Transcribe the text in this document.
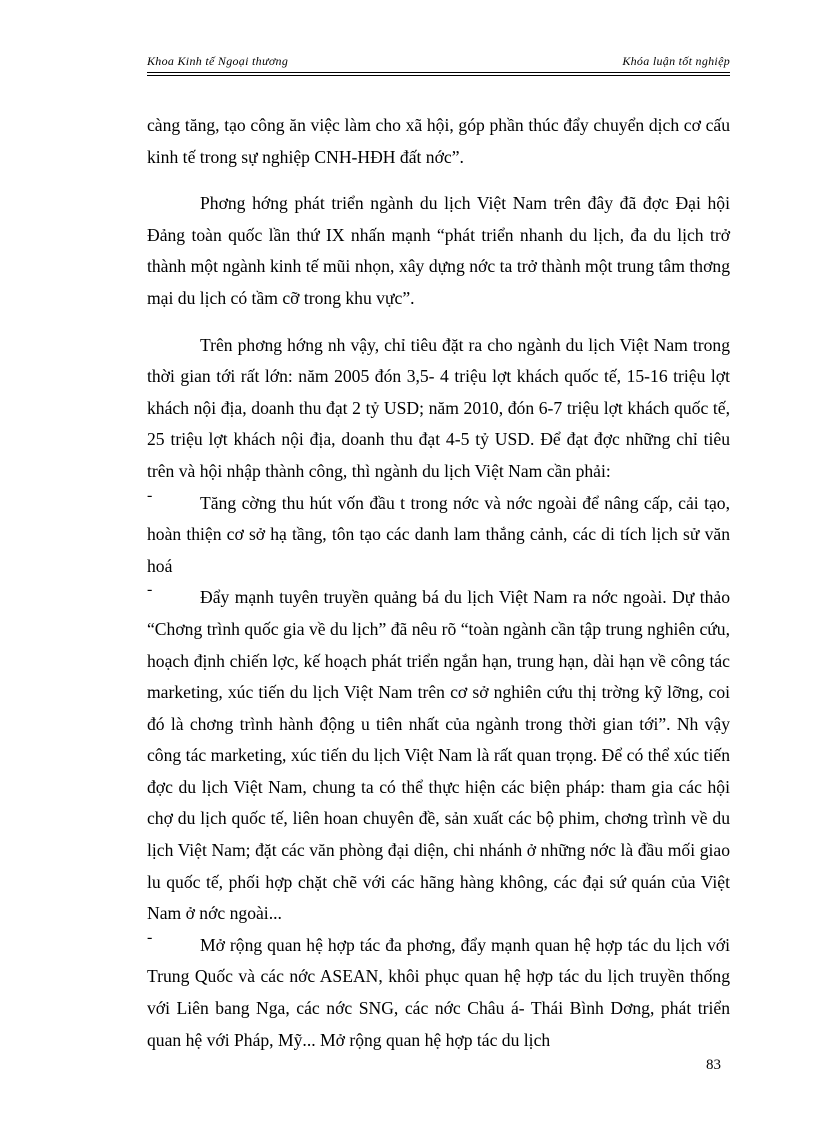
Khoa Kinh tế Ngoại thương	Khóa luận tốt nghiệp

càng tăng, tạo công ăn việc làm cho xã hội, góp phần thúc đẩy chuyển dịch cơ cấu kinh tế trong sự nghiệp CNH-HĐH đất nớc”.

Phơng hớng phát triển ngành du lịch Việt Nam trên đây đã đợc Đại hội Đảng toàn quốc lần thứ IX nhấn mạnh “phát triển nhanh du lịch, đa du lịch trở thành một ngành kinh tế mũi nhọn, xây dựng nớc ta trở thành một trung tâm thơng mại du lịch có tầm cỡ trong khu vực”.

Trên phơng hớng nh vậy, chỉ tiêu đặt ra cho ngành du lịch Việt Nam trong thời gian tới rất lớn: năm 2005 đón 3,5- 4 triệu lợt khách quốc tế, 15-16 triệu lợt khách nội địa, doanh thu đạt 2 tỷ USD; năm 2010, đón 6-7 triệu lợt khách quốc tế, 25 triệu lợt khách nội địa, doanh thu đạt 4-5 tỷ USD. Để đạt đợc những chỉ tiêu trên và hội nhập thành công, thì ngành du lịch Việt Nam cần phải:

-	Tăng cờng thu hút vốn đầu t trong nớc và nớc ngoài để nâng cấp, cải tạo, hoàn thiện cơ sở hạ tầng, tôn tạo các danh lam thắng cảnh, các di tích lịch sử văn hoá
-	Đẩy mạnh tuyên truyền quảng bá du lịch Việt Nam ra nớc ngoài. Dự thảo “Chơng trình quốc gia về du lịch” đã nêu rõ “toàn ngành cần tập trung nghiên cứu, hoạch định chiến lợc, kế hoạch phát triển ngắn hạn, trung hạn, dài hạn về công tác marketing, xúc tiến du lịch Việt Nam trên cơ sở nghiên cứu thị trờng kỹ lỡng, coi đó là chơng trình hành động u tiên nhất của ngành trong thời gian tới”. Nh vậy công tác marketing, xúc tiến du lịch Việt Nam là rất quan trọng. Để có thể xúc tiến đợc du lịch Việt Nam, chung ta có thể thực hiện các biện pháp: tham gia các hội chợ du lịch quốc tế, liên hoan chuyên đề, sản xuất các bộ phim, chơng trình về du lịch Việt Nam; đặt các văn phòng đại diện, chi nhánh ở những nớc là đầu mối giao lu quốc tế, phối hợp chặt chẽ với các hãng hàng không, các đại sứ quán của Việt Nam ở nớc ngoài...
-	Mở rộng quan hệ hợp tác đa phơng, đẩy mạnh quan hệ hợp tác du lịch với Trung Quốc và các nớc ASEAN, khôi phục quan hệ hợp tác du lịch truyền thống với Liên bang Nga, các nớc SNG, các nớc Châu á- Thái Bình Dơng, phát triển quan hệ với Pháp, Mỹ... Mở rộng quan hệ hợp tác du lịch
83
